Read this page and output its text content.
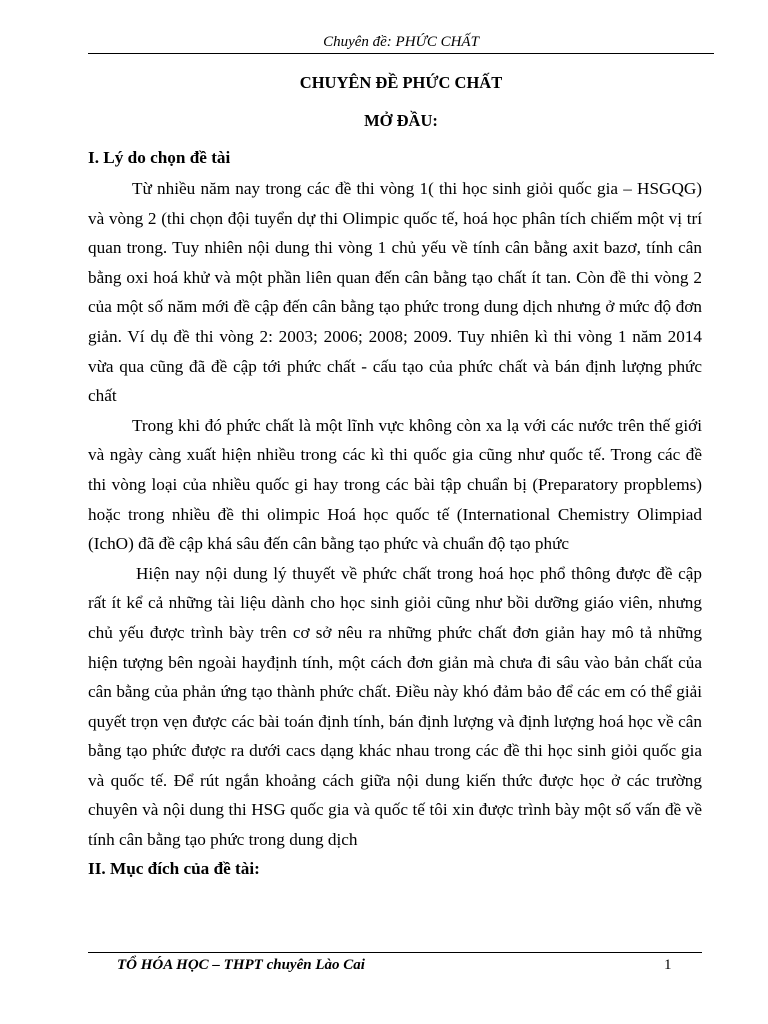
Chuyên đề: PHỨC CHẤT
CHUYÊN ĐỀ PHỨC CHẤT
MỞ ĐẦU:
I. Lý do chọn đề tài

Từ nhiều năm nay trong các đề thi vòng 1( thi học sinh giỏi quốc gia – HSGQG) và vòng 2 (thi chọn đội tuyển dự thi Olimpic quốc tế, hoá học phân tích chiếm một vị trí quan trong. Tuy nhiên nội dung thi vòng 1 chủ yếu về tính cân bằng axit bazơ, tính cân bằng oxi hoá khử và một phần liên quan đến cân bằng tạo chất ít tan. Còn đề thi vòng 2 của một số năm mới đề cập đến cân bằng tạo phức trong dung dịch nhưng ở mức độ đơn giản. Ví dụ đề thi vòng 2: 2003; 2006; 2008; 2009. Tuy nhiên kì thi vòng 1 năm 2014 vừa qua cũng đã đề cập tới phức chất - cấu tạo của phức chất và bán định lượng phức chất

Trong khi đó phức chất là một lĩnh vực không còn xa lạ với các nước trên thế giới và ngày càng xuất hiện nhiều trong các kì thi quốc gia cũng như quốc tế. Trong các đề thi vòng loại của nhiều quốc gi hay trong các bài tập chuẩn bị (Preparatory propblems) hoặc trong nhiều đề thi olimpic Hoá học quốc tế (International Chemistry Olimpiad (IchO) đã đề cập khá sâu đến cân bằng tạo phức và chuẩn độ tạo phức

Hiện nay nội dung lý thuyết về phức chất trong hoá học phổ thông được đề cập rất ít kể cả những tài liệu dành cho học sinh giỏi cũng như bồi dưỡng giáo viên, nhưng chủ yếu được trình bày trên cơ sở nêu ra những phức chất đơn giản hay mô tả những hiện tượng bên ngoài hayđịnh tính, một cách đơn giản mà chưa đi sâu vào bản chất của cân bằng của phản ứng tạo thành phức chất. Điều này khó đảm bảo để các em có thể giải quyết trọn vẹn được các bài toán định tính, bán định lượng và định lượng hoá học về cân bằng tạo phức được ra dưới cacs dạng khác nhau trong các đề thi học sinh giỏi quốc gia và quốc tế. Để rút ngắn khoảng cách giữa nội dung kiến thức được học ở các trường chuyên và nội dung thi HSG quốc gia và quốc tế tôi xin được trình bày một số vấn đề về tính cân bằng tạo phức trong dung dịch

II. Mục đích của đề tài:
TỔ HÓA HỌC – THPT chuyên Lào Cai	1
